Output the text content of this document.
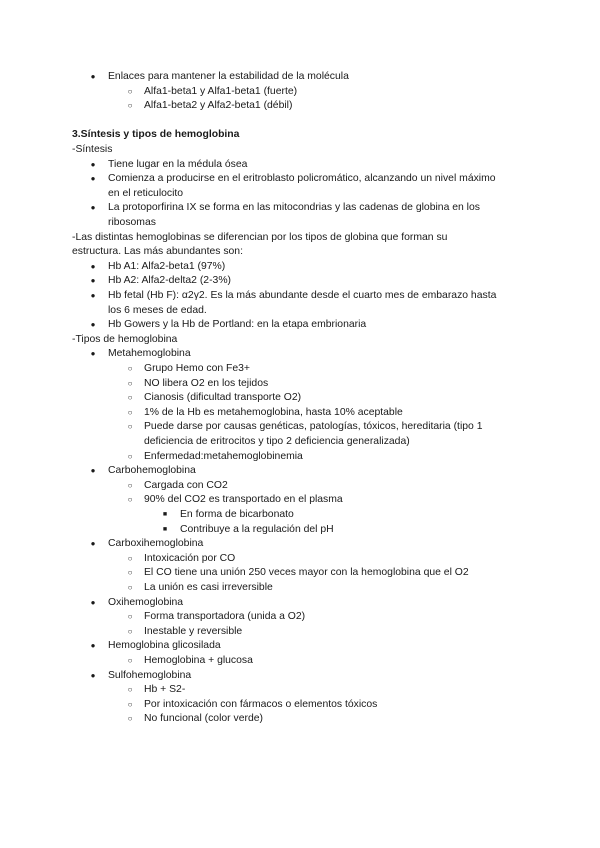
● Enlaces para mantener la estabilidad de la molécula
○ Alfa1-beta1 y Alfa1-beta1 (fuerte)
○ Alfa1-beta2 y Alfa2-beta1 (débil)
3.Síntesis y tipos de hemoglobina
-Síntesis
● Tiene lugar en la médula ósea
● Comienza a producirse en el eritroblasto policromático, alcanzando un nivel máximo
en el reticulocito
● La protoporfirina IX se forma en las mitocondrias y las cadenas de globina en los
ribosomas
-Las distintas hemoglobinas se diferencian por los tipos de globina que forman su
estructura. Las más abundantes son:
● Hb A1: Alfa2-beta1 (97%)
● Hb A2: Alfa2-delta2 (2-3%)
● Hb fetal (Hb F): α2γ2. Es la más abundante desde el cuarto mes de embarazo hasta
los 6 meses de edad.
● Hb Gowers y la Hb de Portland: en la etapa embrionaria
-Tipos de hemoglobina
● Metahemoglobina
○ Grupo Hemo con Fe3+
○ NO libera O2 en los tejidos
○ Cianosis (dificultad transporte O2)
○ 1% de la Hb es metahemoglobina, hasta 10% aceptable
○ Puede darse por causas genéticas, patologías, tóxicos, hereditaria (tipo 1
deficiencia de eritrocitos y tipo 2 deficiencia generalizada)
○ Enfermedad:metahemoglobinemia
● Carbohemoglobina
○ Cargada con CO2
○ 90% del CO2 es transportado en el plasma
■ En forma de bicarbonato
■ Contribuye a la regulación del pH
● Carboxihemoglobina
○ Intoxicación por CO
○ El CO tiene una unión 250 veces mayor con la hemoglobina que el O2
○ La unión es casi irreversible
● Oxihemoglobina
○ Forma transportadora (unida a O2)
○ Inestable y reversible
● Hemoglobina glicosilada
○ Hemoglobina + glucosa
● Sulfohemoglobina
○ Hb + S2-
○ Por intoxicación con fármacos o elementos tóxicos
○ No funcional (color verde)
